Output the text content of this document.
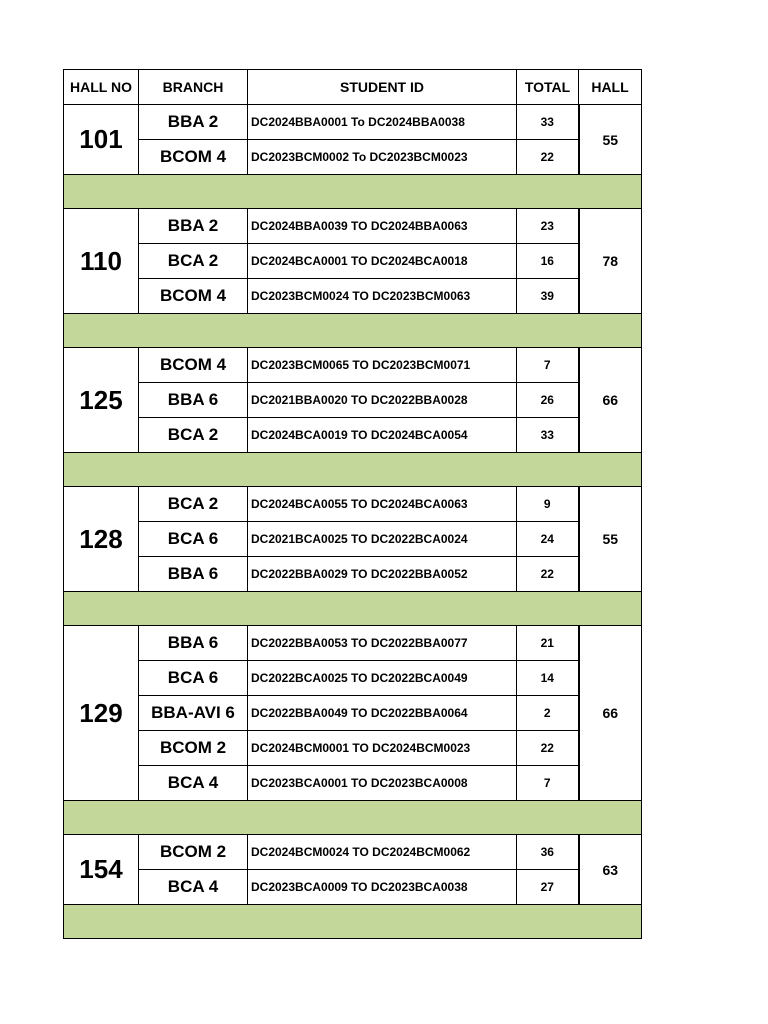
HALL NO	BRANCH	STUDENT ID	TOTAL	HALL
101	BBA 2	DC2024BBA0001 To DC2024BBA0038	33	55
	BCOM 4	DC2023BCM0002 To DC2023BCM0023	22	

110	BBA 2	DC2024BBA0039 TO DC2024BBA0063	23	78
	BCA 2	DC2024BCA0001 TO DC2024BCA0018	16	
	BCOM 4	DC2023BCM0024 TO DC2023BCM0063	39	

125	BCOM 4	DC2023BCM0065 TO DC2023BCM0071	7	66
	BBA 6	DC2021BBA0020 TO DC2022BBA0028	26	
	BCA 2	DC2024BCA0019 TO DC2024BCA0054	33	

128	BCA 2	DC2024BCA0055 TO DC2024BCA0063	9	55
	BCA 6	DC2021BCA0025 TO DC2022BCA0024	24	
	BBA 6	DC2022BBA0029 TO DC2022BBA0052	22	

129	BBA 6	DC2022BBA0053 TO DC2022BBA0077	21	66
	BCA 6	DC2022BCA0025 TO DC2022BCA0049	14	
	BBA-AVI 6	DC2022BBA0049 TO DC2022BBA0064	2	
	BCOM 2	DC2024BCM0001 TO DC2024BCM0023	22	
	BCA 4	DC2023BCA0001 TO DC2023BCA0008	7	

154	BCOM 2	DC2024BCM0024 TO DC2024BCM0062	36	63
	BCA 4	DC2023BCA0009 TO DC2023BCA0038	27	
